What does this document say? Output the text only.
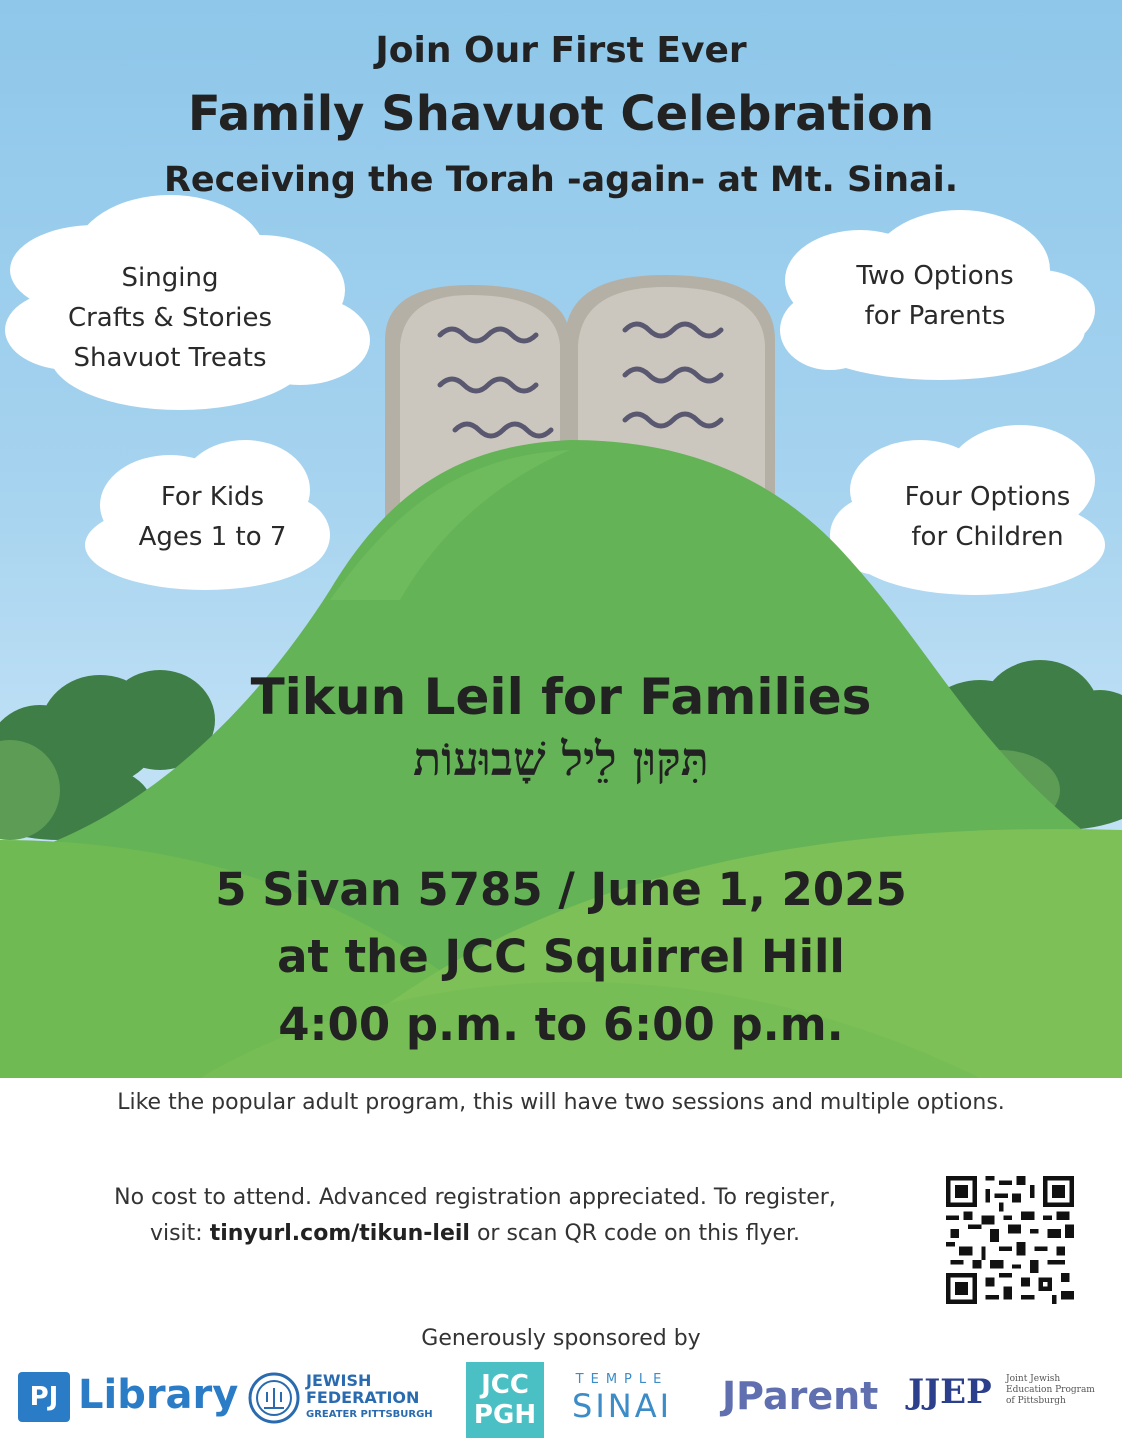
Join Our First Ever
Family Shavuot Celebration
Receiving the Torah -again- at Mt. Sinai.
Singing
Crafts & Stories
Shavuot Treats
Two Options
for Parents
For Kids
Ages 1 to 7
Four Options
for Children
Tikun Leil for Families
תִּקּוּן לֵיל שָׁבוּעוֹת
5 Sivan 5785 / June 1, 2025
at the JCC Squirrel Hill
4:00 p.m. to 6:00 p.m.
Like the popular adult program, this will have two sessions and multiple options.
No cost to attend. Advanced registration appreciated. To register,
visit: tinyurl.com/tikun-leil or scan QR code on this flyer.
Generously sponsored by
PJ Library	JEWISH
FEDERATION
GREATER PITTSBURGH
JCC
PGH
TEMPLE
SINAI JParent JJEP Joint Jewish Education Program of Pittsburgh
